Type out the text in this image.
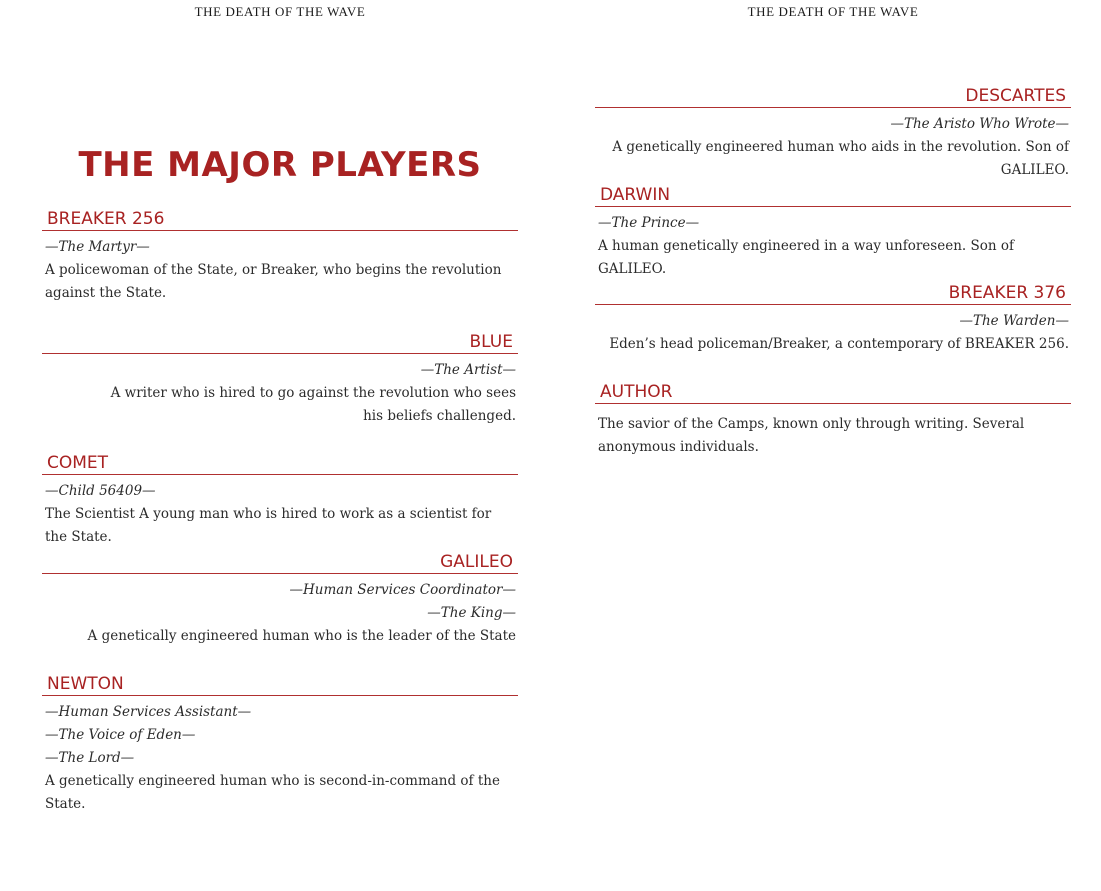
THE DEATH OF THE WAVE
THE MAJOR PLAYERS
BREAKER 256
—The Martyr—
A policewoman of the State, or Breaker, who begins the revolution against the State.
BLUE
—The Artist—
A writer who is hired to go against the revolution who sees his beliefs challenged.
COMET
—Child 56409—
The Scientist A young man who is hired to work as a scientist for the State.
GALILEO
—Human Services Coordinator—
—The King—
A genetically engineered human who is the leader of the State
NEWTON
—Human Services Assistant—
—The Voice of Eden—
—The Lord—
A genetically engineered human who is second-in-command of the State.
THE DEATH OF THE WAVE
DESCARTES
—The Aristo Who Wrote—
A genetically engineered human who aids in the revolution. Son of GALILEO.
DARWIN
—The Prince—
A human genetically engineered in a way unforeseen. Son of GALILEO.
BREAKER 376
—The Warden—
Eden’s head policeman/Breaker, a contemporary of BREAKER 256.
AUTHOR
The savior of the Camps, known only through writing. Several anonymous individuals.
